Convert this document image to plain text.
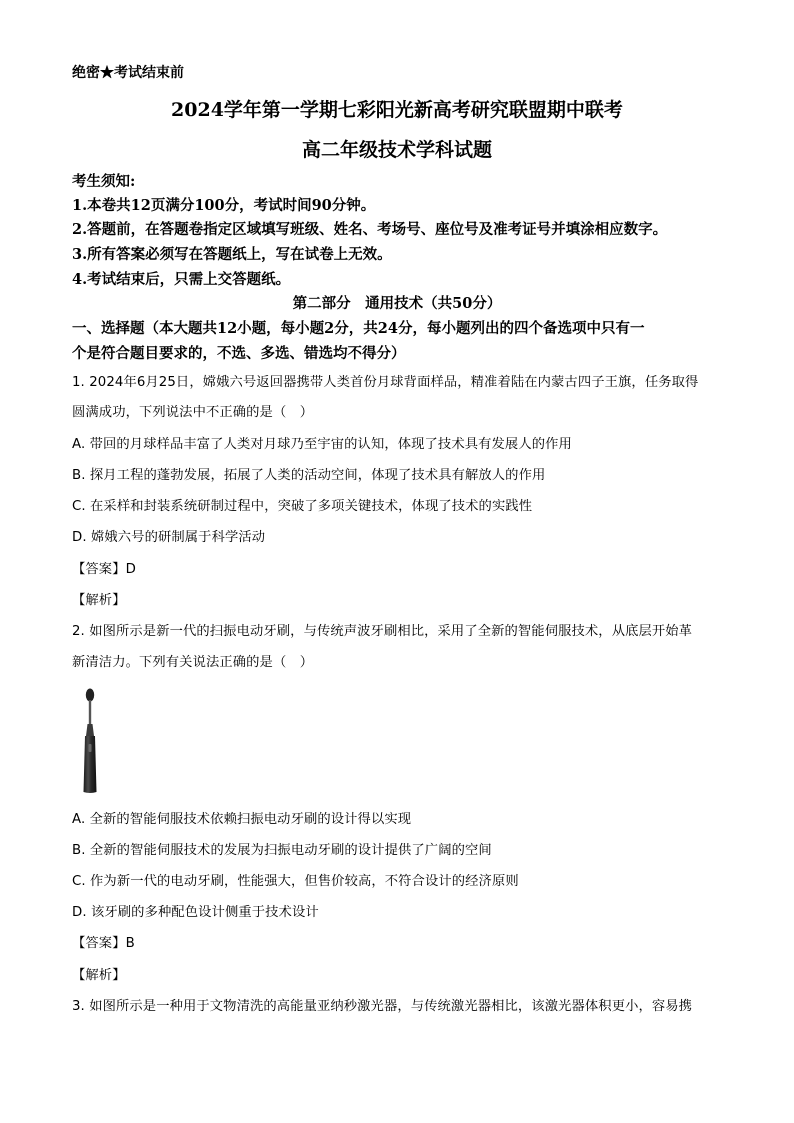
绝密★考试结束前
2024学年第一学期七彩阳光新高考研究联盟期中联考
高二年级技术学科试题
考生须知:
1.本卷共12页满分100分，考试时间90分钟。
2.答题前，在答题卷指定区域填写班级、姓名、考场号、座位号及准考证号并填涂相应数字。
3.所有答案必须写在答题纸上，写在试卷上无效。
4.考试结束后，只需上交答题纸。
第二部分　通用技术（共50分）
一、选择题（本大题共12小题，每小题2分，共24分，每小题列出的四个备选项中只有一
个是符合题目要求的，不选、多选、错选均不得分）
1. 2024年6月25日，嫦娥六号返回器携带人类首份月球背面样品，精准着陆在内蒙古四子王旗，任务取得
圆满成功，下列说法中不正确的是（　）
A. 带回的月球样品丰富了人类对月球乃至宇宙的认知，体现了技术具有发展人的作用
B. 探月工程的蓬勃发展，拓展了人类的活动空间，体现了技术具有解放人的作用
C. 在采样和封装系统研制过程中，突破了多项关键技术，体现了技术的实践性
D. 嫦娥六号的研制属于科学活动
【答案】D
【解析】
2. 如图所示是新一代的扫振电动牙刷，与传统声波牙刷相比，采用了全新的智能伺服技术，从底层开始革
新清洁力。下列有关说法正确的是（　）
A. 全新的智能伺服技术依赖扫振电动牙刷的设计得以实现
B. 全新的智能伺服技术的发展为扫振电动牙刷的设计提供了广阔的空间
C. 作为新一代的电动牙刷，性能强大，但售价较高，不符合设计的经济原则
D. 该牙刷的多种配色设计侧重于技术设计
【答案】B
【解析】
3. 如图所示是一种用于文物清洗的高能量亚纳秒激光器，与传统激光器相比，该激光器体积更小，容易携
